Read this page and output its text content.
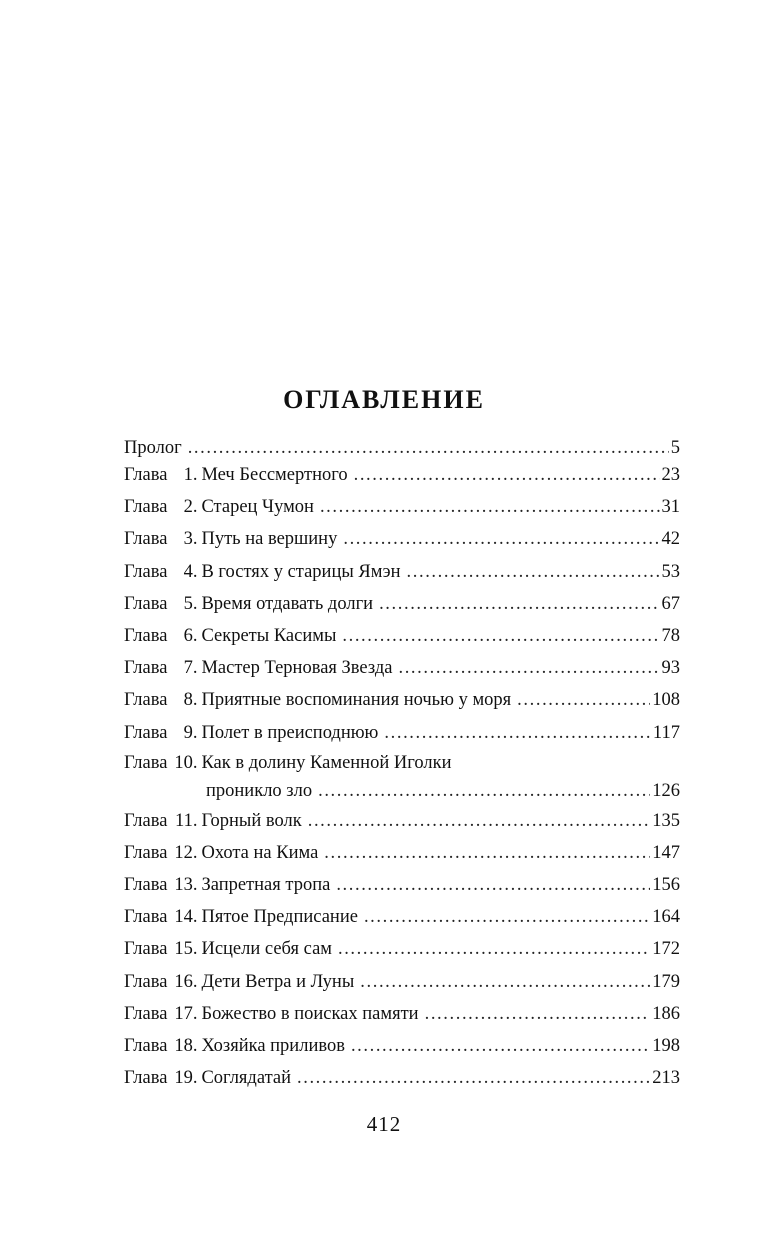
ОГЛАВЛЕНИЕ
Пролог .....	5
Глава 1. Меч Бессмертного .....	23
Глава 2. Старец Чумон .....	31
Глава 3. Путь на вершину .....	42
Глава 4. В гостях у старицы Ямэн .....	53
Глава 5. Время отдавать долги .....	67
Глава 6. Секреты Касимы .....	78
Глава 7. Мастер Терновая Звезда .....	93
Глава 8. Приятные воспоминания ночью у моря .....	108
Глава 9. Полет в преисподнюю .....	117
Глава 10. Как в долину Каменной Иголки
проникло зло .....	126
Глава 11. Горный волк .....	135
Глава 12. Охота на Кима .....	147
Глава 13. Запретная тропа .....	156
Глава 14. Пятое Предписание .....	164
Глава 15. Исцели себя сам .....	172
Глава 16. Дети Ветра и Луны .....	179
Глава 17. Божество в поисках памяти .....	186
Глава 18. Хозяйка приливов .....	198
Глава 19. Соглядатай .....	213
412
